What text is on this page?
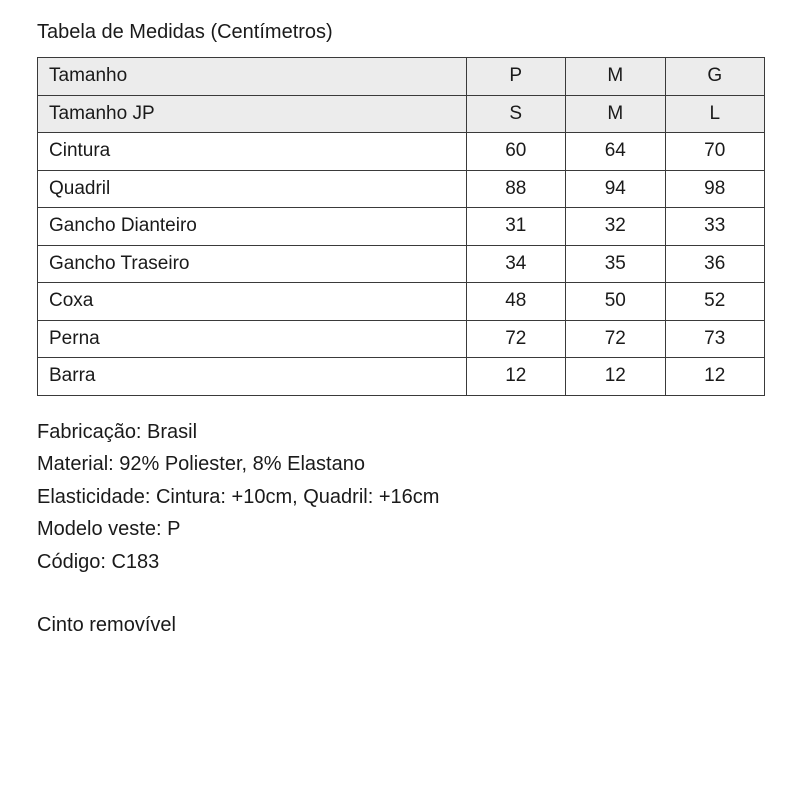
Tabela de Medidas (Centímetros)
Tamanho	P	M	G
Tamanho JP	S	M	L
Cintura	60	64	70
Quadril	88	94	98
Gancho Dianteiro	31	32	33
Gancho Traseiro	34	35	36
Coxa	48	50	52
Perna	72	72	73
Barra	12	12	12

Fabricação: Brasil

Material: 92% Poliester, 8% Elastano

Elasticidade: Cintura: +10cm, Quadril: +16cm

Modelo veste: P

Código: C183

Cinto removível
